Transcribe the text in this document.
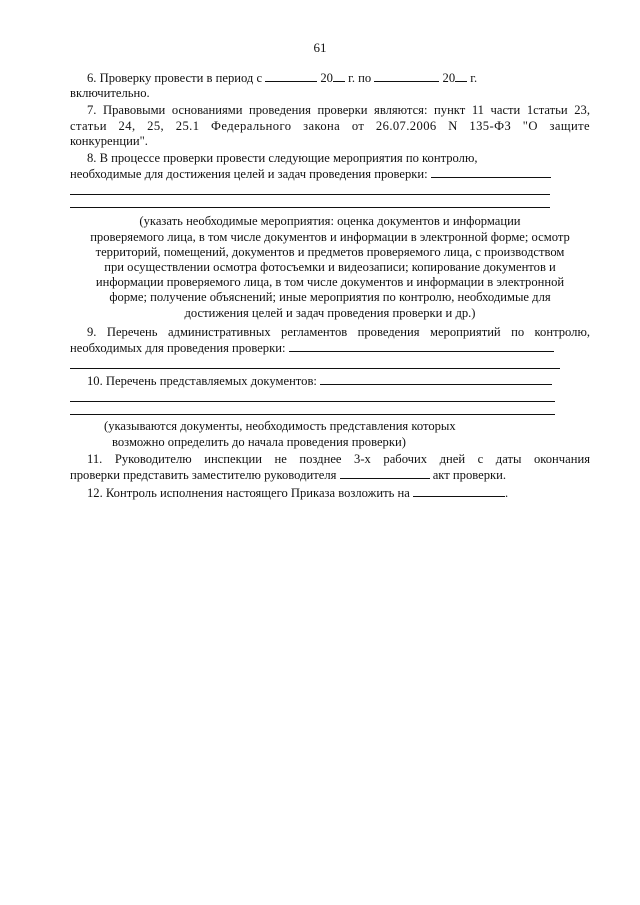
61
6. Проверку провести в период с

	20
г. по

	20
г.
включительно.
7. Правовыми основаниями проведения проверки являются: пункт 11 части 1статьи 23,
статьи 24, 25, 25.1 Федерального закона от 26.07.2006 N 135-ФЗ "О защите
конкуренции".
8. В процессе проверки провести следующие мероприятия по контролю,
необходимые для достижения целей и задач проведения проверки:

(указать необходимые мероприятия: оценка документов и информации
проверяемого лица, в том числе документов и информации в электронной форме; осмотр
территорий, помещений, документов и предметов проверяемого лица, с производством
при осуществлении осмотра фотосъемки и видеозаписи; копирование документов и
информации проверяемого лица, в том числе документов и информации в электронной
форме; получение объяснений; иные мероприятия по контролю, необходимые для
достижения целей и задач проведения проверки и др.)
9. Перечень административных регламентов проведения мероприятий по контролю,
необходимых для проведения проверки:

10. Перечень представляемых документов:

(указываются документы, необходимость представления которых
возможно определить до начала проведения проверки)
11. Руководителю инспекции не позднее 3-х рабочих дней с даты окончания
проверки представить заместителю руководителя

	акт проверки.
12. Контроль исполнения настоящего Приказа возложить на
	.
